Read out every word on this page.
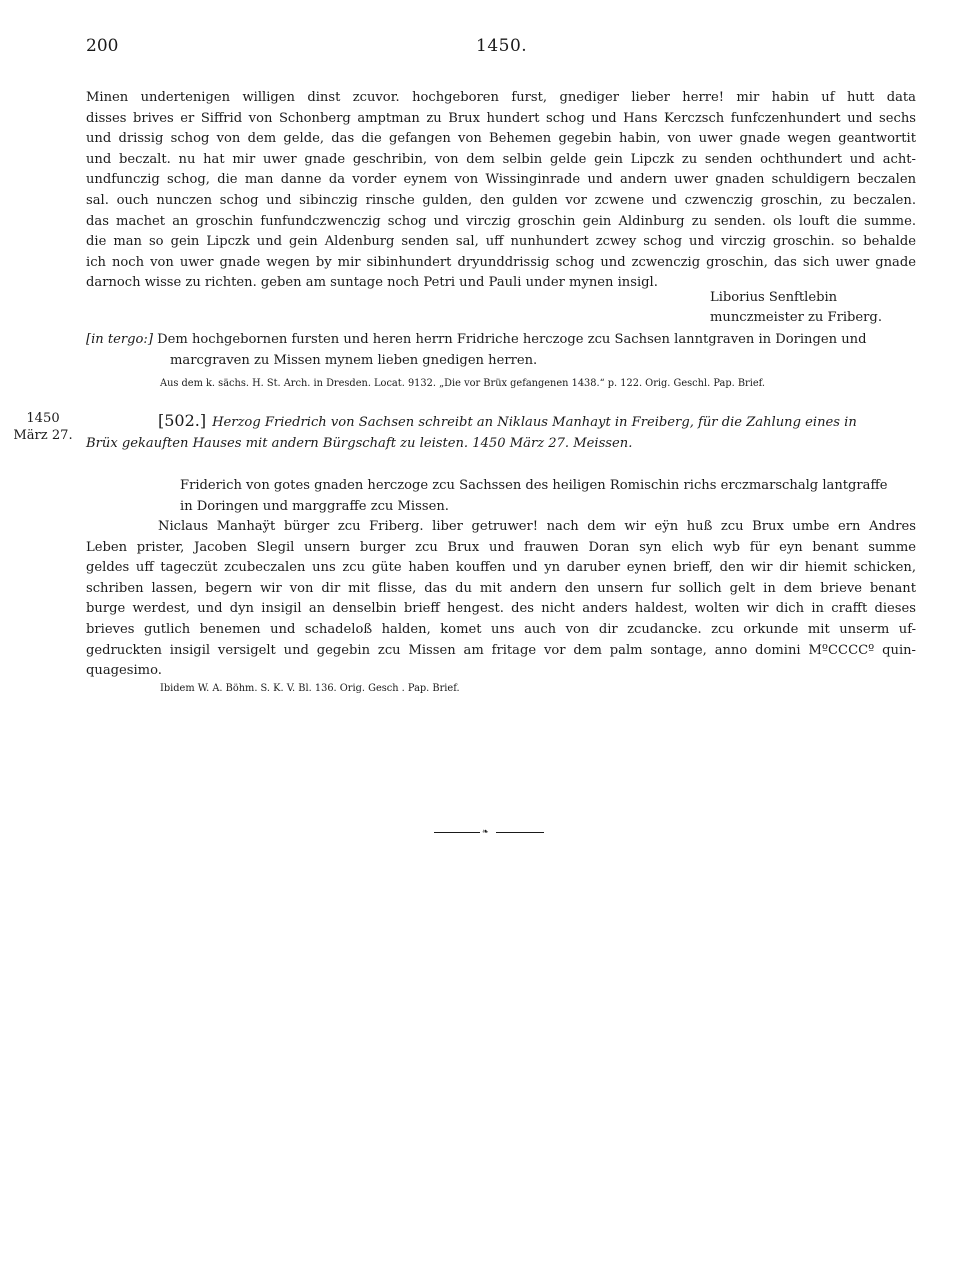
200	1450.
Minen undertenigen willigen dinst zcuvor. hochgeboren furst, gnediger lieber herre! mir habin uf hutt data
disses brives er Siffrid von Schonberg amptman zu Brux hundert schog und Hans Kerczsch funfczenhundert und sechs
und drissig schog von dem gelde, das die gefangen von Behemen gegebin habin, von uwer gnade wegen geantwortit
und beczalt. nu hat mir uwer gnade geschribin, von dem selbin gelde gein Lipczk zu senden ochthundert und acht-
undfunczig schog, die man danne da vorder eynem von Wissinginrade und andern uwer gnaden schuldigern beczalen
sal. ouch nunczen schog und sibinczig rinsche gulden, den gulden vor zcwene und czwenczig groschin, zu beczalen.
das machet an groschin funfundczwenczig schog und virczig groschin gein Aldinburg zu senden. ols louft die summe.
die man so gein Lipczk und gein Aldenburg senden sal, uff nunhundert zcwey schog und virczig groschin. so behalde
ich noch von uwer gnade wegen by mir sibinhundert dryunddrissig schog und zcwenczig groschin, das sich uwer gnade
darnoch wisse zu richten. geben am suntage noch Petri und Pauli under mynen insigl.
Liborius Senftlebin
munczmeister zu Friberg.
[in tergo:] Dem hochgebornen fursten und heren herrn Fridriche herczoge zcu Sachsen lanntgraven in Doringen und
marcgraven zu Missen mynem lieben gnedigen herren.
Aus dem k. sächs. H. St. Arch. in Dresden. Locat. 9132. „Die vor Brüx gefangenen 1438.“ p. 122. Orig. Geschl. Pap. Brief.
1450
März 27.
[502.] Herzog Friedrich von Sachsen schreibt an Niklaus Manhayt in Freiberg, für die Zahlung eines in
Brüx gekauften Hauses mit andern Bürgschaft zu leisten. 1450 März 27. Meissen.
Friderich von gotes gnaden herczoge zcu Sachssen des heiligen Romischin richs erczmarschalg lantgraffe
in Doringen und marggraffe zcu Missen.
Niclaus Manhaÿt bürger zcu Friberg. liber getruwer! nach dem wir eÿn huß zcu Brux umbe ern Andres
Leben prister, Jacoben Slegil unsern burger zcu Brux und frauwen Doran syn elich wyb für eyn benant summe
geldes uff tageczüt zcubeczalen uns zcu güte haben kouffen und yn daruber eynen brieff, den wir dir hiemit schicken,
schriben lassen, begern wir von dir mit flisse, das du mit andern den unsern fur sollich gelt in dem brieve benant
burge werdest, und dyn insigil an denselbin brieff hengest. des nicht anders haldest, wolten wir dich in crafft dieses
brieves gutlich benemen und schadeloß halden, komet uns auch von dir zcudancke. zcu orkunde mit unserm uf-
gedruckten insigil versigelt und gegebin zcu Missen am fritage vor dem palm sontage, anno domini MºCCCCº quin-
quagesimo.
Ibidem W. A. Böhm. S. K. V. Bl. 136. Orig. Gesch . Pap. Brief.
❧
